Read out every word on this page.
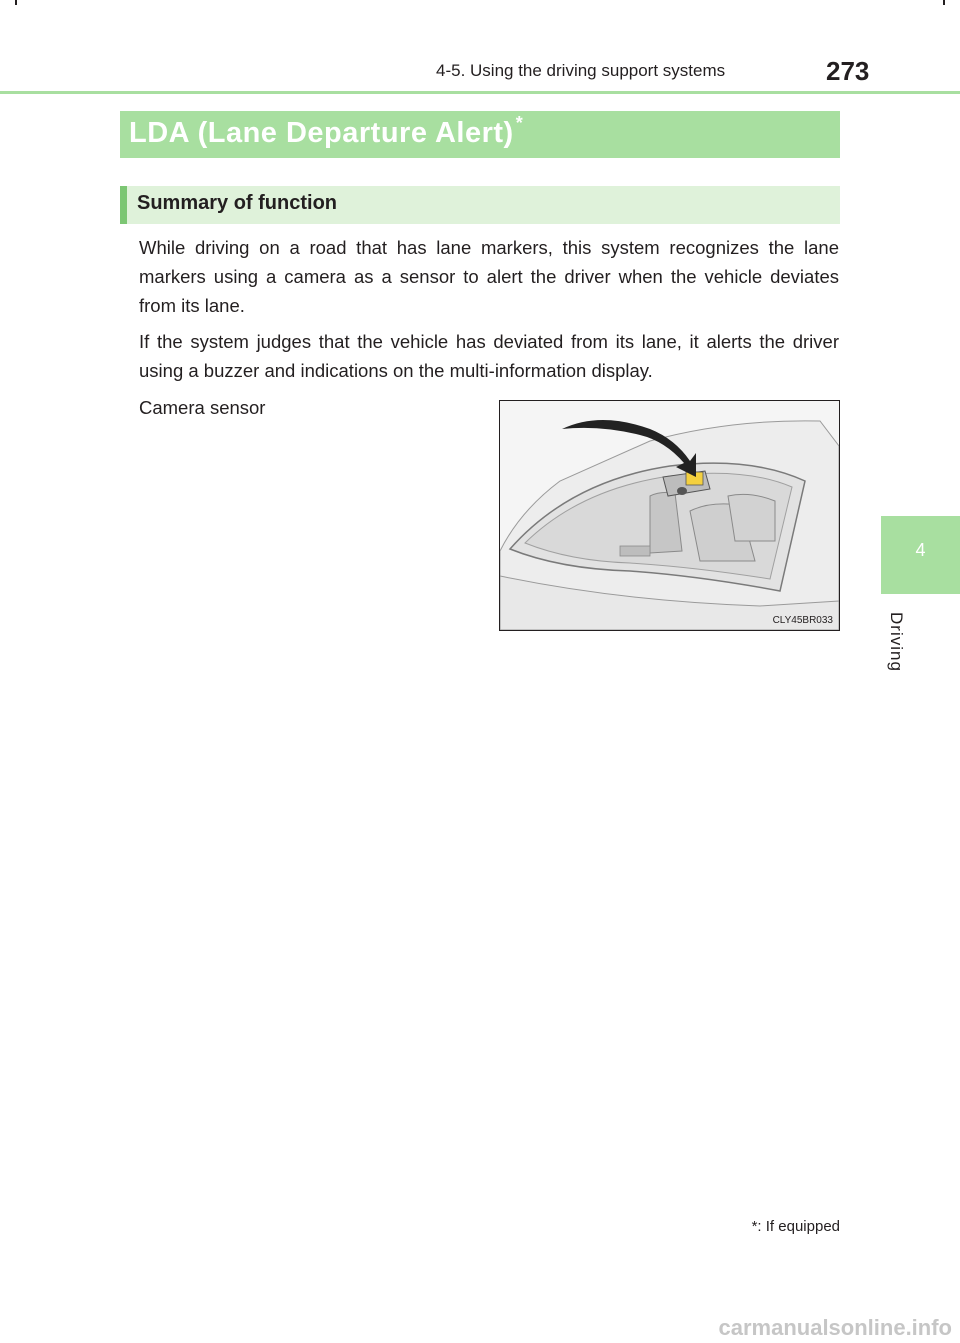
4-5. Using the driving support systems	273
LDA (Lane Departure Alert) *
Summary of function

While driving on a road that has lane markers, this system recognizes the lane markers using a camera as a sensor to alert the driver when the vehicle deviates from its lane.

If the system judges that the vehicle has deviated from its lane, it alerts the driver using a buzzer and indications on the multi-information display.

Camera sensor
CLY45BR033
4
Driving
*: If equipped
carmanualsonline.info
